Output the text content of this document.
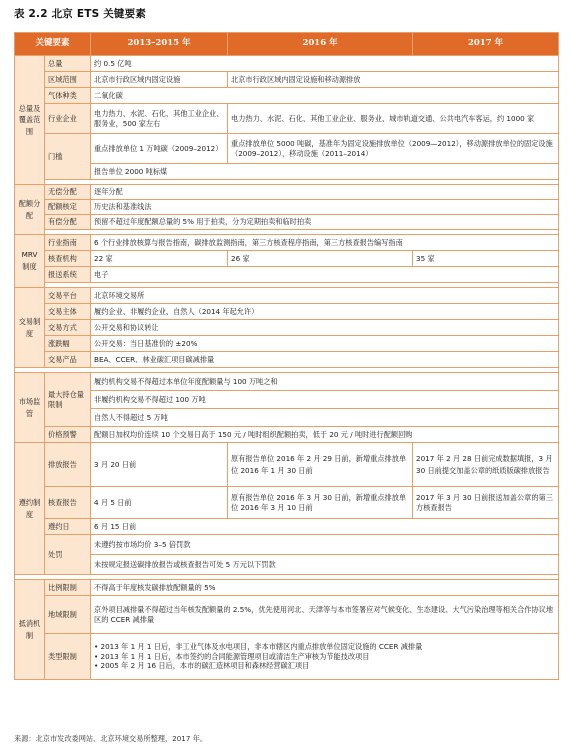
表 2.2 北京 ETS 关键要素
关键要素		2013–2015 年	2016 年	2017 年
总量及覆盖范围	总量	约 0.5 亿吨		
	区域范围	北京市行政区域内固定设施	北京市行政区域内固定设施和移动源排放	
	气体种类	二氧化碳		
	行业企业	电力热力、水泥、石化、其他工业企业、服务业，500 家左右	电力热力、水泥、石化、其他工业企业、服务业、城市轨道交通、公共电汽车客运，约 1000 家	
	门槛	重点排放单位 1 万吨碳（2009–2012）	重点排放单位 5000 吨碳，基准年为固定设施排放单位（2009—2012），移动源排放单位的固定设施（2009–2012）、移动设施（2011–2014）	
		报告单位 2000 吨标煤		

配额分配	无偿分配	逐年分配		
	配额核定	历史法和基准线法		
	有偿分配	预留不超过年度配额总量的 5% 用于拍卖，分为定期拍卖和临时拍卖		

MRV 制度	行业指南	6 个行业排放核算与报告指南，碳排放监测指南，第三方核查程序指南，第三方核查报告编写指南		
	核查机构	22 家	26 家	35 家
	报送系统	电子		

交易制度	交易平台	北京环境交易所		
	交易主体	履约企业、非履约企业、自然人（2014 年起允许）		
	交易方式	公开交易和协议转让		
	涨跌幅	公开交易：当日基准价的 ±20%		
	交易产品	BEA、CCER、林业碳汇项目碳减排量		

市场监管	最大持仓量限制	履约机构交易不得超过本单位年度配额量与 100 万吨之和		
		非履约机构交易不得超过 100 万吨		
		自然人不得超过 5 万吨		
	价格预警	配额日加权均价连续 10 个交易日高于 150 元 / 吨时组织配额拍卖，低于 20 元 / 吨时进行配额回购		
遵约制度	排放报告	3 月 20 日前	原有报告单位 2016 年 2 月 29 日前，新增重点排放单位 2016 年 1 月 30 日前	2017 年 2 月 28 日前完成数据填报，3 月 30 日前提交加盖公章的纸质版碳排放报告
	核查报告	4 月 5 日前	原有报告单位 2016 年 3 月 30 日前，新增重点排放单位 2016 年 3 月 10 日前	2017 年 3 月 30 日前报送加盖公章的第三方核查报告
	遵约日	6 月 15 日前		
	处罚	未遵约按市场均价 3–5 倍罚款		
		未按规定报送碳排放报告或核查报告可处 5 万元以下罚款		

抵消机制	比例限制	不得高于年度核发碳排放配额量的 5%		
	地域限制	京外项目减排量不得超过当年核发配额量的 2.5%，优先使用河北、天津等与本市签署应对气候变化、生态建设、大气污染治理等相关合作协议地区的 CCER 减排量		
	类型限制	• 2013 年 1 月 1 日后，非工业气体及水电项目，非本市辖区内重点排放单位固定设施的 CCER 减排量
• 2013 年 1 月 1 日后，本市签约的合同能源管理项目或清洁生产审核为节能技改项目
• 2005 年 2 月 16 日后，本市的碳汇造林项目和森林经营碳汇项目		
来源：北京市发改委网站、北京环境交易所整理，2017 年。
